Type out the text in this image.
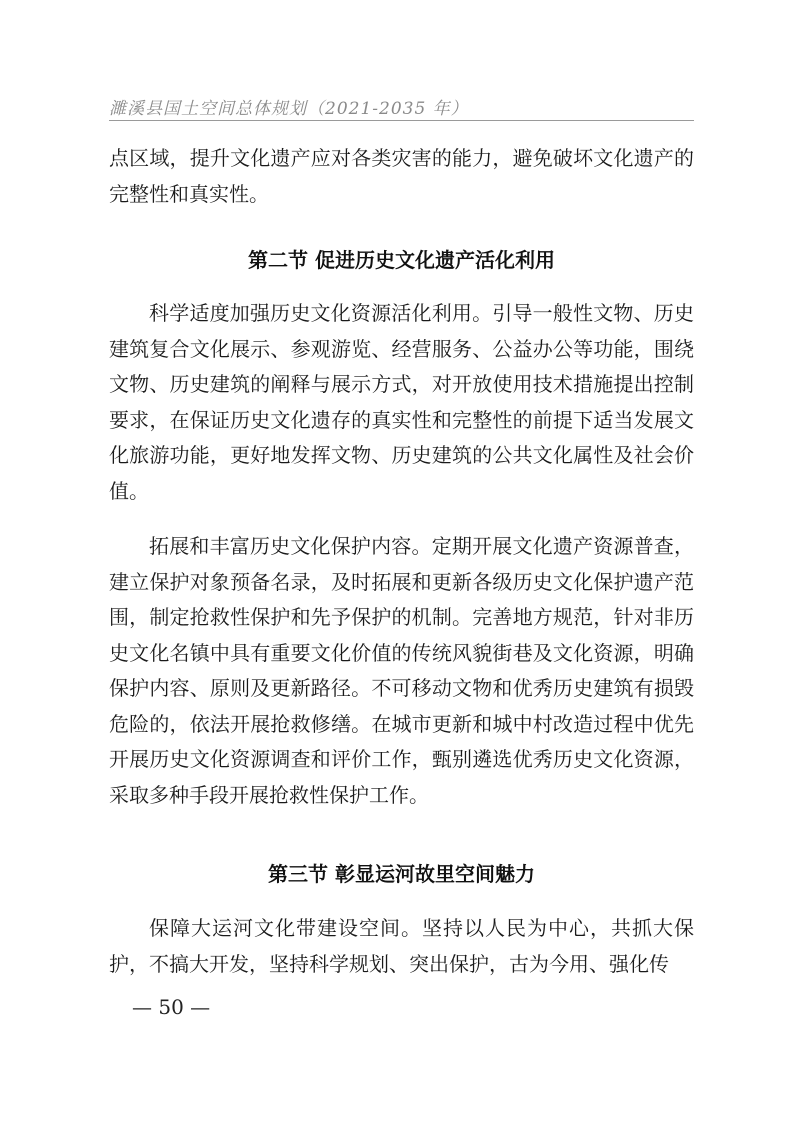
濉溪县国土空间总体规划（2021-2035 年）
点区域，提升文化遗产应对各类灾害的能力，避免破坏文化遗产的完整性和真实性。
第二节 促进历史文化遗产活化利用
科学适度加强历史文化资源活化利用。引导一般性文物、历史建筑复合文化展示、参观游览、经营服务、公益办公等功能，围绕文物、历史建筑的阐释与展示方式，对开放使用技术措施提出控制要求，在保证历史文化遗存的真实性和完整性的前提下适当发展文化旅游功能，更好地发挥文物、历史建筑的公共文化属性及社会价值。
拓展和丰富历史文化保护内容。定期开展文化遗产资源普查，建立保护对象预备名录，及时拓展和更新各级历史文化保护遗产范围，制定抢救性保护和先予保护的机制。完善地方规范，针对非历史文化名镇中具有重要文化价值的传统风貌街巷及文化资源，明确保护内容、原则及更新路径。不可移动文物和优秀历史建筑有损毁危险的，依法开展抢救修缮。在城市更新和城中村改造过程中优先开展历史文化资源调查和评价工作，甄别遴选优秀历史文化资源，采取多种手段开展抢救性保护工作。
第三节 彰显运河故里空间魅力
保障大运河文化带建设空间。坚持以人民为中心，共抓大保护，不搞大开发，坚持科学规划、突出保护，古为今用、强化传
— 50 —
